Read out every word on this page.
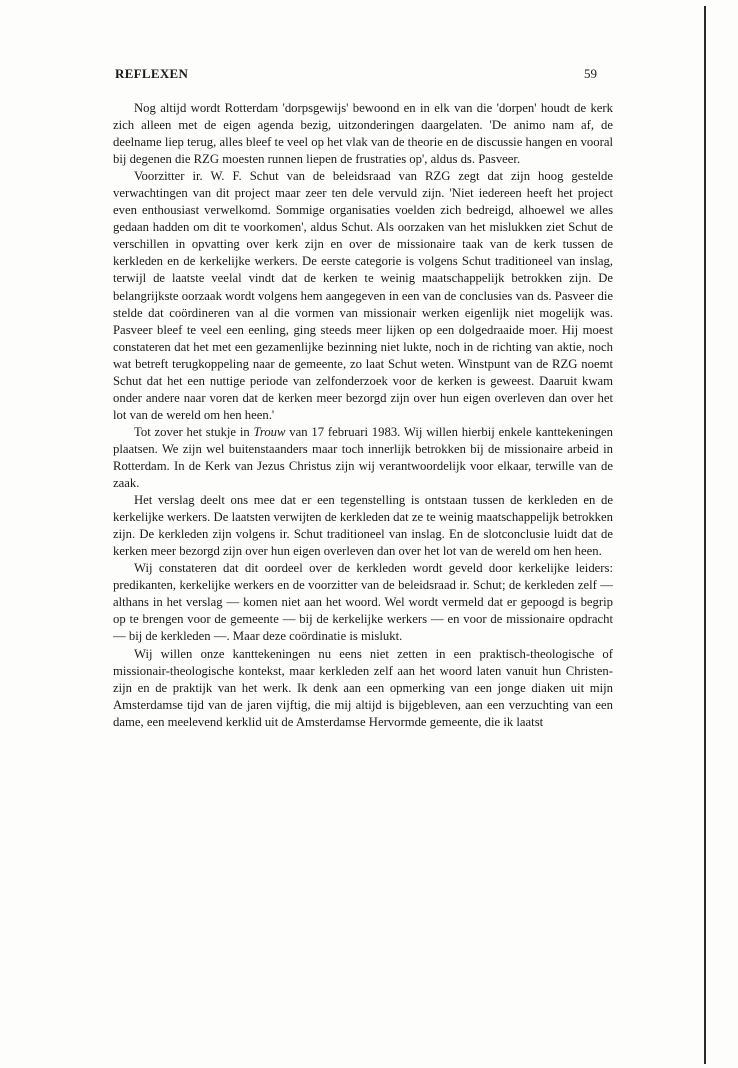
REFLEXEN	59

Nog altijd wordt Rotterdam 'dorpsgewijs' bewoond en in elk van die 'dorpen' houdt de kerk zich alleen met de eigen agenda bezig, uitzonderingen daargelaten. 'De animo nam af, de deelname liep terug, alles bleef te veel op het vlak van de theorie en de discussie hangen en vooral bij degenen die RZG moesten runnen liepen de frustraties op', aldus ds. Pasveer.

Voorzitter ir. W. F. Schut van de beleidsraad van RZG zegt dat zijn hoog gestelde verwachtingen van dit project maar zeer ten dele vervuld zijn. 'Niet iedereen heeft het project even enthousiast verwelkomd. Sommige organisaties voelden zich bedreigd, alhoewel we alles gedaan hadden om dit te voorkomen', aldus Schut. Als oorzaken van het mislukken ziet Schut de verschillen in opvatting over kerk zijn en over de missionaire taak van de kerk tussen de kerkleden en de kerkelijke werkers. De eerste categorie is volgens Schut traditioneel van inslag, terwijl de laatste veelal vindt dat de kerken te weinig maatschappelijk betrokken zijn. De belangrijkste oorzaak wordt volgens hem aangegeven in een van de conclusies van ds. Pasveer die stelde dat coördineren van al die vormen van missionair werken eigenlijk niet mogelijk was. Pasveer bleef te veel een eenling, ging steeds meer lijken op een dolgedraaide moer. Hij moest constateren dat het met een gezamenlijke bezinning niet lukte, noch in de richting van aktie, noch wat betreft terugkoppeling naar de gemeente, zo laat Schut weten. Winstpunt van de RZG noemt Schut dat het een nuttige periode van zelfonderzoek voor de kerken is geweest. Daaruit kwam onder andere naar voren dat de kerken meer bezorgd zijn over hun eigen overleven dan over het lot van de wereld om hen heen.'

Tot zover het stukje in Trouw van 17 februari 1983. Wij willen hierbij enkele kanttekeningen plaatsen. We zijn wel buitenstaanders maar toch innerlijk betrokken bij de missionaire arbeid in Rotterdam. In de Kerk van Jezus Christus zijn wij verantwoordelijk voor elkaar, terwille van de zaak.

Het verslag deelt ons mee dat er een tegenstelling is ontstaan tussen de kerkleden en de kerkelijke werkers. De laatsten verwijten de kerkleden dat ze te weinig maatschappelijk betrokken zijn. De kerkleden zijn volgens ir. Schut traditioneel van inslag. En de slotconclusie luidt dat de kerken meer bezorgd zijn over hun eigen overleven dan over het lot van de wereld om hen heen.

Wij constateren dat dit oordeel over de kerkleden wordt geveld door kerkelijke leiders: predikanten, kerkelijke werkers en de voorzitter van de beleidsraad ir. Schut; de kerkleden zelf — althans in het verslag — komen niet aan het woord. Wel wordt vermeld dat er gepoogd is begrip op te brengen voor de gemeente — bij de kerkelijke werkers — en voor de missionaire opdracht — bij de kerkleden —. Maar deze coördinatie is mislukt.

Wij willen onze kanttekeningen nu eens niet zetten in een praktisch-theologische of missionair-theologische kontekst, maar kerkleden zelf aan het woord laten vanuit hun Christen-zijn en de praktijk van het werk. Ik denk aan een opmerking van een jonge diaken uit mijn Amsterdamse tijd van de jaren vijftig, die mij altijd is bijgebleven, aan een verzuchting van een dame, een meelevend kerklid uit de Amsterdamse Hervormde gemeente, die ik laatst
